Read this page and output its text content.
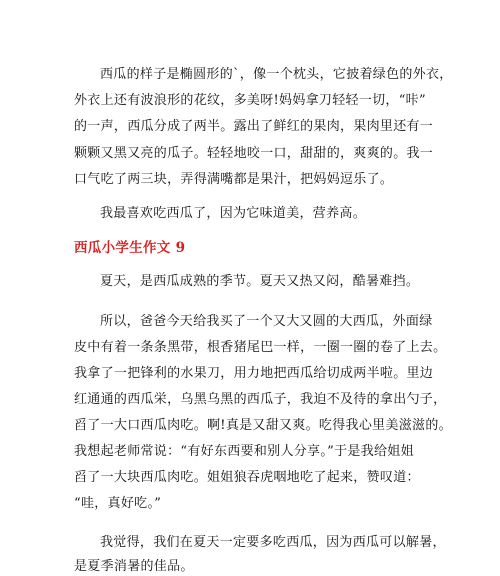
西瓜的样子是椭圆形的`，像一个枕头，它披着绿色的外衣，
外衣上还有波浪形的花纹，多美呀!妈妈拿刀轻轻一切，“咔”
的一声，西瓜分成了两半。露出了鲜红的果肉，果肉里还有一
颗颗又黑又亮的瓜子。轻轻地咬一口，甜甜的，爽爽的。我一
口气吃了两三块，弄得满嘴都是果汁，把妈妈逗乐了。
我最喜欢吃西瓜了，因为它味道美，营养高。
西瓜小学生作文 9
夏天，是西瓜成熟的季节。夏天又热又闷，酷暑难挡。
所以，爸爸今天给我买了一个又大又圆的大西瓜，外面绿
皮中有着一条条黑带，根香猪尾巴一样，一圈一圈的卷了上去。
我拿了一把锋利的水果刀，用力地把西瓜给切成两半啦。里边
红通通的西瓜栄，乌黑乌黑的西瓜子，我迫不及待的拿出勺子，
舀了一大口西瓜肉吃。啊!真是又甜又爽。吃得我心里美滋滋的。
我想起老师常说：“有好东西要和别人分享。”于是我给姐姐
舀了一大块西瓜肉吃。姐姐狼吞虎咽地吃了起来，赞叹道：
“哇，真好吃。”
我觉得，我们在夏天一定要多吃西瓜，因为西瓜可以解暑，
是夏季消暑的佳品。
